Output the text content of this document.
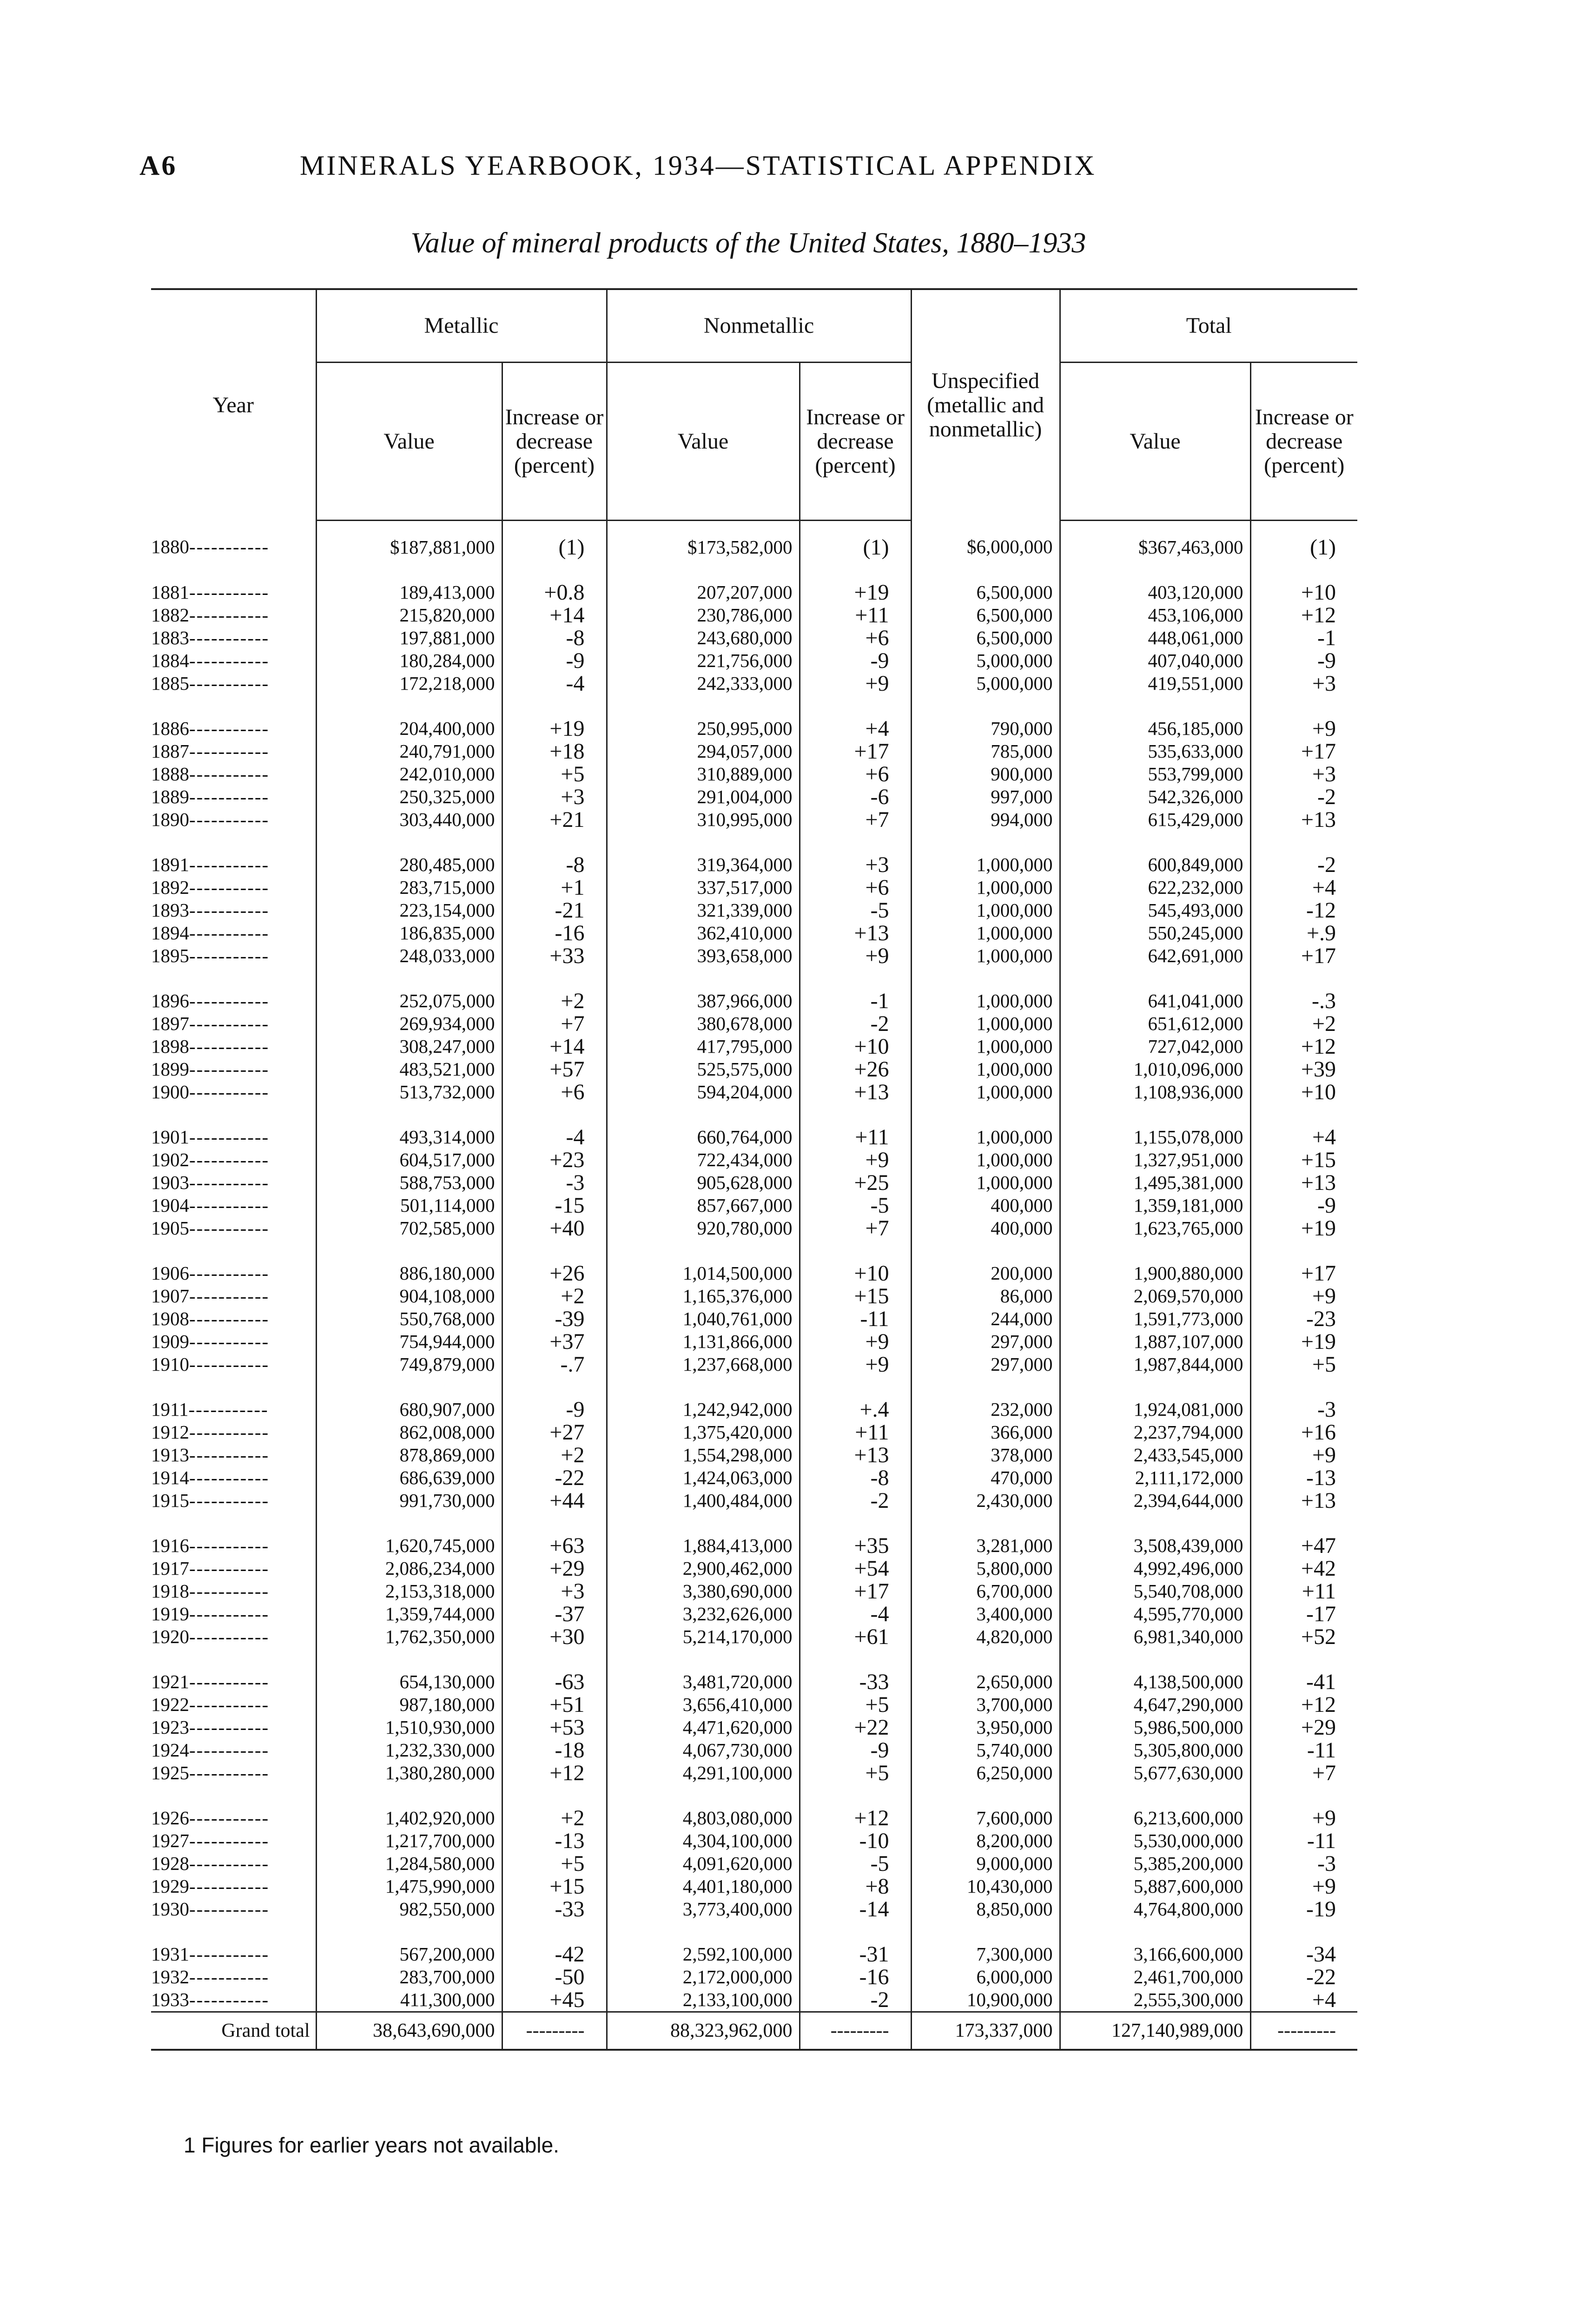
A6	MINERALS YEARBOOK, 1934—STATISTICAL APPENDIX
Value of mineral products of the United States, 1880–1933
Year	Metallic		Nonmetallic		Unspecified (metallic and nonmetallic)	Total	
	Value	Increase or decrease (percent)	Value	Increase or decrease (percent)		Value	Increase or decrease (percent)
1880-----------	$187,881,000	(1)	$173,582,000	(1)	$6,000,000	$367,463,000	(1)

1881-----------	189,413,000	+0.8	207,207,000	+19	6,500,000	403,120,000	+10
1882-----------	215,820,000	+14	230,786,000	+11	6,500,000	453,106,000	+12
1883-----------	197,881,000	-8	243,680,000	+6	6,500,000	448,061,000	-1
1884-----------	180,284,000	-9	221,756,000	-9	5,000,000	407,040,000	-9
1885-----------	172,218,000	-4	242,333,000	+9	5,000,000	419,551,000	+3

1886-----------	204,400,000	+19	250,995,000	+4	790,000	456,185,000	+9
1887-----------	240,791,000	+18	294,057,000	+17	785,000	535,633,000	+17
1888-----------	242,010,000	+5	310,889,000	+6	900,000	553,799,000	+3
1889-----------	250,325,000	+3	291,004,000	-6	997,000	542,326,000	-2
1890-----------	303,440,000	+21	310,995,000	+7	994,000	615,429,000	+13

1891-----------	280,485,000	-8	319,364,000	+3	1,000,000	600,849,000	-2
1892-----------	283,715,000	+1	337,517,000	+6	1,000,000	622,232,000	+4
1893-----------	223,154,000	-21	321,339,000	-5	1,000,000	545,493,000	-12
1894-----------	186,835,000	-16	362,410,000	+13	1,000,000	550,245,000	+.9
1895-----------	248,033,000	+33	393,658,000	+9	1,000,000	642,691,000	+17

1896-----------	252,075,000	+2	387,966,000	-1	1,000,000	641,041,000	-.3
1897-----------	269,934,000	+7	380,678,000	-2	1,000,000	651,612,000	+2
1898-----------	308,247,000	+14	417,795,000	+10	1,000,000	727,042,000	+12
1899-----------	483,521,000	+57	525,575,000	+26	1,000,000	1,010,096,000	+39
1900-----------	513,732,000	+6	594,204,000	+13	1,000,000	1,108,936,000	+10

1901-----------	493,314,000	-4	660,764,000	+11	1,000,000	1,155,078,000	+4
1902-----------	604,517,000	+23	722,434,000	+9	1,000,000	1,327,951,000	+15
1903-----------	588,753,000	-3	905,628,000	+25	1,000,000	1,495,381,000	+13
1904-----------	501,114,000	-15	857,667,000	-5	400,000	1,359,181,000	-9
1905-----------	702,585,000	+40	920,780,000	+7	400,000	1,623,765,000	+19

1906-----------	886,180,000	+26	1,014,500,000	+10	200,000	1,900,880,000	+17
1907-----------	904,108,000	+2	1,165,376,000	+15	86,000	2,069,570,000	+9
1908-----------	550,768,000	-39	1,040,761,000	-11	244,000	1,591,773,000	-23
1909-----------	754,944,000	+37	1,131,866,000	+9	297,000	1,887,107,000	+19
1910-----------	749,879,000	-.7	1,237,668,000	+9	297,000	1,987,844,000	+5

1911-----------	680,907,000	-9	1,242,942,000	+.4	232,000	1,924,081,000	-3
1912-----------	862,008,000	+27	1,375,420,000	+11	366,000	2,237,794,000	+16
1913-----------	878,869,000	+2	1,554,298,000	+13	378,000	2,433,545,000	+9
1914-----------	686,639,000	-22	1,424,063,000	-8	470,000	2,111,172,000	-13
1915-----------	991,730,000	+44	1,400,484,000	-2	2,430,000	2,394,644,000	+13

1916-----------	1,620,745,000	+63	1,884,413,000	+35	3,281,000	3,508,439,000	+47
1917-----------	2,086,234,000	+29	2,900,462,000	+54	5,800,000	4,992,496,000	+42
1918-----------	2,153,318,000	+3	3,380,690,000	+17	6,700,000	5,540,708,000	+11
1919-----------	1,359,744,000	-37	3,232,626,000	-4	3,400,000	4,595,770,000	-17
1920-----------	1,762,350,000	+30	5,214,170,000	+61	4,820,000	6,981,340,000	+52

1921-----------	654,130,000	-63	3,481,720,000	-33	2,650,000	4,138,500,000	-41
1922-----------	987,180,000	+51	3,656,410,000	+5	3,700,000	4,647,290,000	+12
1923-----------	1,510,930,000	+53	4,471,620,000	+22	3,950,000	5,986,500,000	+29
1924-----------	1,232,330,000	-18	4,067,730,000	-9	5,740,000	5,305,800,000	-11
1925-----------	1,380,280,000	+12	4,291,100,000	+5	6,250,000	5,677,630,000	+7

1926-----------	1,402,920,000	+2	4,803,080,000	+12	7,600,000	6,213,600,000	+9
1927-----------	1,217,700,000	-13	4,304,100,000	-10	8,200,000	5,530,000,000	-11
1928-----------	1,284,580,000	+5	4,091,620,000	-5	9,000,000	5,385,200,000	-3
1929-----------	1,475,990,000	+15	4,401,180,000	+8	10,430,000	5,887,600,000	+9
1930-----------	982,550,000	-33	3,773,400,000	-14	8,850,000	4,764,800,000	-19

1931-----------	567,200,000	-42	2,592,100,000	-31	7,300,000	3,166,600,000	-34
1932-----------	283,700,000	-50	2,172,000,000	-16	6,000,000	2,461,700,000	-22
1933-----------	411,300,000	+45	2,133,100,000	-2	10,900,000	2,555,300,000	+4
Grand total	38,643,690,000	---------	88,323,962,000	---------	173,337,000	127,140,989,000	---------
1 Figures for earlier years not available.
